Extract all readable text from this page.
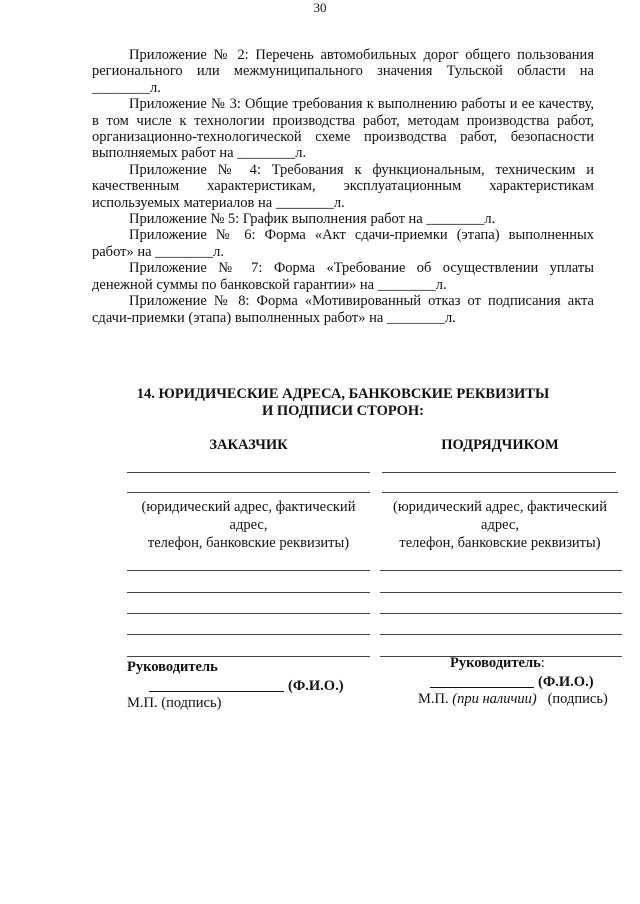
30

Приложение № 2: Перечень автомобильных дорог общего пользования регионального или межмуниципального значения Тульской области на ________л.

Приложение № 3: Общие требования к выполнению работы и ее качеству, в том числе к технологии производства работ, методам производства работ, организационно-технологической схеме производства работ, безопасности выполняемых работ на ________л.

Приложение № 4: Требования к функциональным, техническим и качественным характеристикам, эксплуатационным характеристикам используемых материалов на ________л.

Приложение № 5: График выполнения работ на ________л.

Приложение № 6: Форма «Акт сдачи-приемки (этапа) выполненных работ» на ________л.

Приложение № 7: Форма «Требование об осуществлении уплаты денежной суммы по банковской гарантии» на ________л.

Приложение № 8: Форма «Мотивированный отказ от подписания акта сдачи-приемки (этапа) выполненных работ» на ________л.

14. ЮРИДИЧЕСКИЕ АДРЕСА, БАНКОВСКИЕ РЕКВИЗИТЫ
И ПОДПИСИ СТОРОН:
ЗАКАЗЧИК	ПОДРЯДЧИКОМ
(юридический адрес, фактический
адрес,
телефон, банковские реквизиты)
(юридический адрес, фактический
адрес,
телефон, банковские реквизиты)
Руководитель
(Ф.И.О.)
М.П. (подпись)
Руководитель:
(Ф.И.О.)
М.П. (при наличии) (подпись)
